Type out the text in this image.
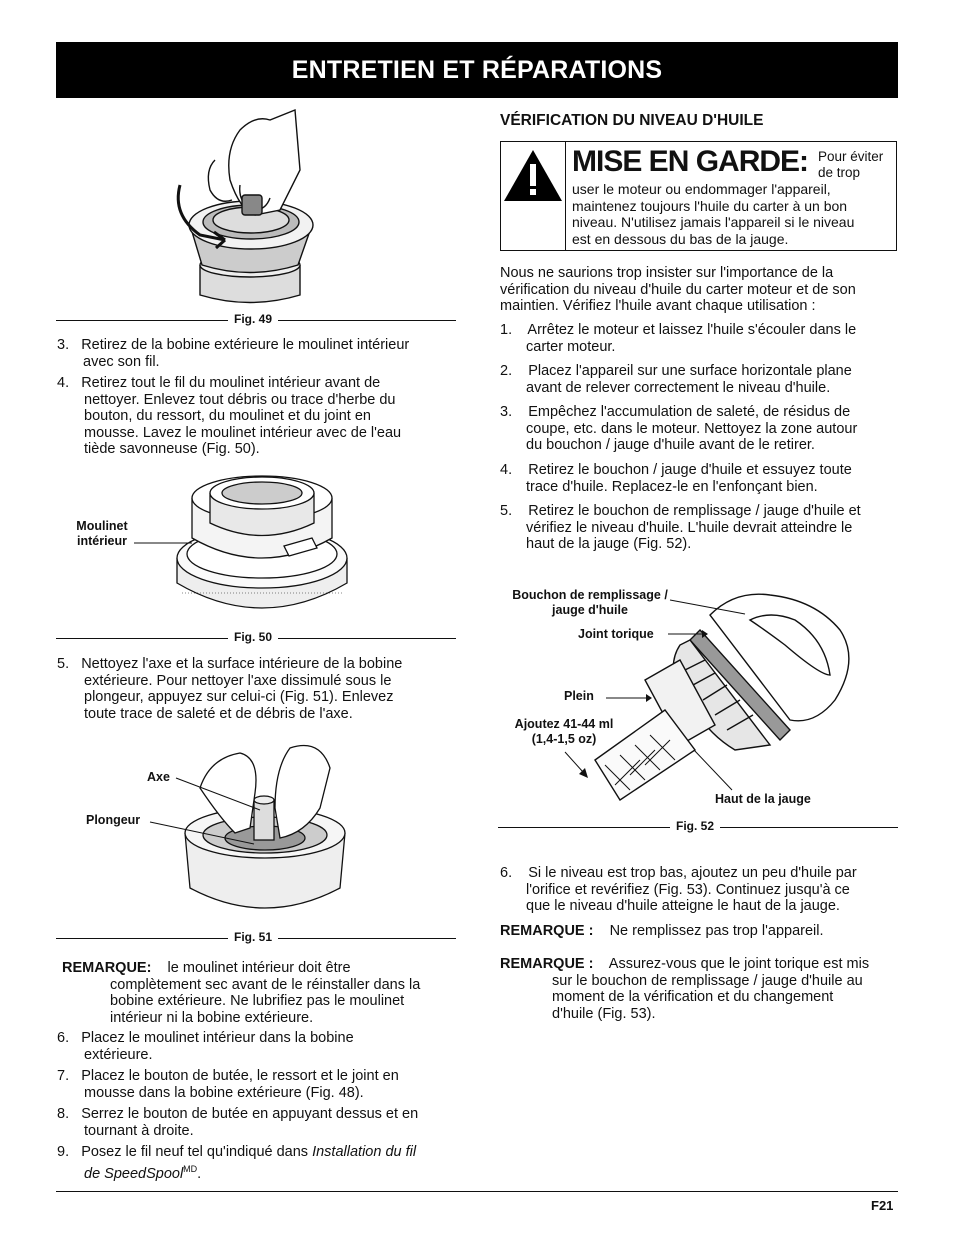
ENTRETIEN ET RÉPARATIONS
Fig. 49
3. Retirez de la bobine extérieure le moulinet intérieur
avec son fil.
4. Retirez tout le fil du moulinet intérieur avant de
nettoyer. Enlevez tout débris ou trace d'herbe du
bouton, du ressort, du moulinet et du joint en
mousse. Lavez le moulinet intérieur avec de l'eau
tiède savonneuse (Fig. 50).
Moulinet
intérieur
Fig. 50
5. Nettoyez l'axe et la surface intérieure de la bobine
extérieure. Pour nettoyer l'axe dissimulé sous le
plongeur, appuyez sur celui-ci (Fig. 51). Enlevez
toute trace de saleté et de débris de l'axe.
Axe
Plongeur
Fig. 51
REMARQUE: le moulinet intérieur doit être
complètement sec avant de le réinstaller dans la
bobine extérieure. Ne lubrifiez pas le moulinet
intérieur ni la bobine extérieure.
6. Placez le moulinet intérieur dans la bobine
extérieure.
7. Placez le bouton de butée, le ressort et le joint en
mousse dans la bobine extérieure (Fig. 48).
8. Serrez le bouton de butée en appuyant dessus et en
tournant à droite.
9. Posez le fil neuf tel qu'indiqué dans Installation du fil
de SpeedSpool$^{MD}$.
VÉRIFICATION DU NIVEAU D'HUILE
MISE EN GARDE: Pour éviter
de trop
user le moteur ou endommager l'appareil,
maintenez toujours l'huile du carter à un bon
niveau. N'utilisez jamais l'appareil si le niveau
est en dessous du bas de la jauge.
Nous ne saurions trop insister sur l'importance de la
vérification du niveau d'huile du carter moteur et de son
maintien. Vérifiez l'huile avant chaque utilisation :
1. Arrêtez le moteur et laissez l'huile s'écouler dans le
carter moteur.
2. Placez l'appareil sur une surface horizontale plane
avant de relever correctement le niveau d'huile.
3. Empêchez l'accumulation de saleté, de résidus de
coupe, etc. dans le moteur. Nettoyez la zone autour
du bouchon / jauge d'huile avant de le retirer.
4. Retirez le bouchon / jauge d'huile et essuyez toute
trace d'huile. Replacez-le en l'enfonçant bien.
5. Retirez le bouchon de remplissage / jauge d'huile et
vérifiez le niveau d'huile. L'huile devrait atteindre le
haut de la jauge (Fig. 52).
Bouchon de remplissage /
jauge d'huile
Joint torique
Plein
Ajoutez 41-44 ml
(1,4-1,5 oz)
Haut de la jauge
Fig. 52
6. Si le niveau est trop bas, ajoutez un peu d'huile par
l'orifice et revérifiez (Fig. 53). Continuez jusqu'à ce
que le niveau d'huile atteigne le haut de la jauge.
REMARQUE : Ne remplissez pas trop l'appareil.
REMARQUE : Assurez-vous que le joint torique est mis
sur le bouchon de remplissage / jauge d'huile au
moment de la vérification et du changement
d'huile (Fig. 53).
F21
